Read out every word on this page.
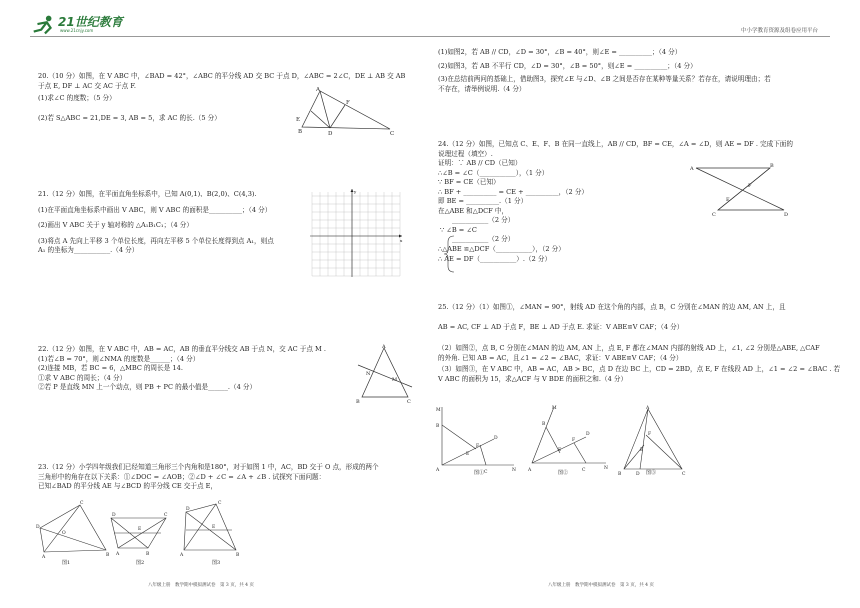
21世纪教育
www.21cnjy.com	中小学教育资源及组卷应用平台
20.（10 分）如图，在 V ABC 中，∠BAD = 42°，∠ABC 的平分线 AD 交 BC 于点 D，∠ABC = 2∠C，DE ⊥ AB 交 AB
于点 E, DF ⊥ AC 交 AC 于点 F.
(1)求∠C 的度数；（5 分）
(2)若 S△ABC = 21,DE = 3, AB = 5，求 AC 的长.（5 分）
A
E
B	D
F
C
21.（12 分）如图，在平面直角坐标系中，已知 A(0,1)、B(2,0)、C(4,3).
(1)在平面直角坐标系中画出 V ABC，则 V ABC 的面积是__________；（4 分）
(2)画出 V ABC 关于 y 轴对称的 △A₁B₁C₁；（4 分）
(3)将点 A 先向上平移 3 个单位长度，再向左平移 5 个单位长度得到点 A₁，则点
A₁ 的坐标为___________.（4 分）
y
x
22.（12 分）如图，在 V ABC 中，AB = AC，AB 的垂直平分线交 AB 于点 N，交 AC 于点 M .
(1)若∠B = 70°，则∠NMA 的度数是______；（4 分）
(2)连接 MB，若 BC = 6，△MBC 的周长是 14.
①求 V ABC 的周长；（4 分）
②若 P 是直线 MN 上一个动点，则 PB + PC 的最小值是______.（4 分）
A
N
M
B	C
23.（12 分）小学四年级我们已经知道三角形三个内角和是180°，对于如图 1 中，AC，BD 交于 O 点，形成的两个
三角形中的角存在以下关系：①∠DOC = ∠AOB；②∠D + ∠C = ∠A + ∠B . 试探究下面问题：
已知∠BAD 的平分线 AE 与∠BCD 的平分线 CE 交于点 E，
D
C
O
A	B
D	C
E
A	B
D
C
E
A	B
图1	图2	图3
八年级上册　数学期中模拟测试卷　第 3 页，共 4 页
(1)如图2，若 AB // CD，∠D = 30°，∠B = 40°，则∠E = __________；（4 分）
(2)如图3，若 AB 不平行 CD，∠D = 30°，∠B = 50°，则∠E = __________；（4 分）
(3)在总结前两问的基础上，借助图3，探究∠E 与∠D、∠B 之间是否存在某种等量关系？若存在，请说明理由；若
不存在，请举例说明.（4 分）
24.（12 分）如图，已知点 C、E、F、B 在同一直线上，AB // CD，BF = CE，∠A = ∠D，则 AE = DF . 完成下面的
说理过程（填空）.
证明：∵ AB // CD（已知）
∴∠B = ∠C（___________），（1 分）
∵ BF = CE（已知）
∴ BF + __________ = CE + __________，（2 分）
即 BE = __________.（1 分）
在△ABE 和△DCF 中，
___________（2 分）
∵ ∠B = ∠C
___________（2 分）
∴△ABE ≌△DCF（___________），（2 分）
∴ AE = DF（___________）.（2 分）
A	B
F
E
C	D
25.（12 分）（1）如图①，∠MAN = 90°，射线 AD 在这个角的内部，点 B，C 分别在∠MAN 的边 AM, AN 上，且
AB = AC, CF ⊥ AD 于点 F，BE ⊥ AD 于点 E. 求证：V ABE≌V CAF；（4 分）
（2）如图②，点 B, C 分别在∠MAN 的边 AM, AN 上，点 E, F 都在∠MAN 内部的射线 AD 上，∠1, ∠2 分别是△ABE, △CAF
的外角. 已知 AB = AC，且∠1 = ∠2 = ∠BAC，求证：V ABE≌V CAF；（4 分）
（3）如图③，在 V ABC 中，AB = AC，AB > BC，点 D 在边 BC 上，CD = 2BD，点 E, F 在线段 AD 上，∠1 = ∠2 = ∠BAC . 若
V ABC 的面积为 15，求△ACF 与 V BDE 的面积之和.（4 分）
M
B
A	C	N
F
E
D
M
B
A	C	N
D
F
E
A
B	D	C
F
E
图①	图②	图③
八年级上册　数学期中模拟测试卷　第 3 页，共 4 页
